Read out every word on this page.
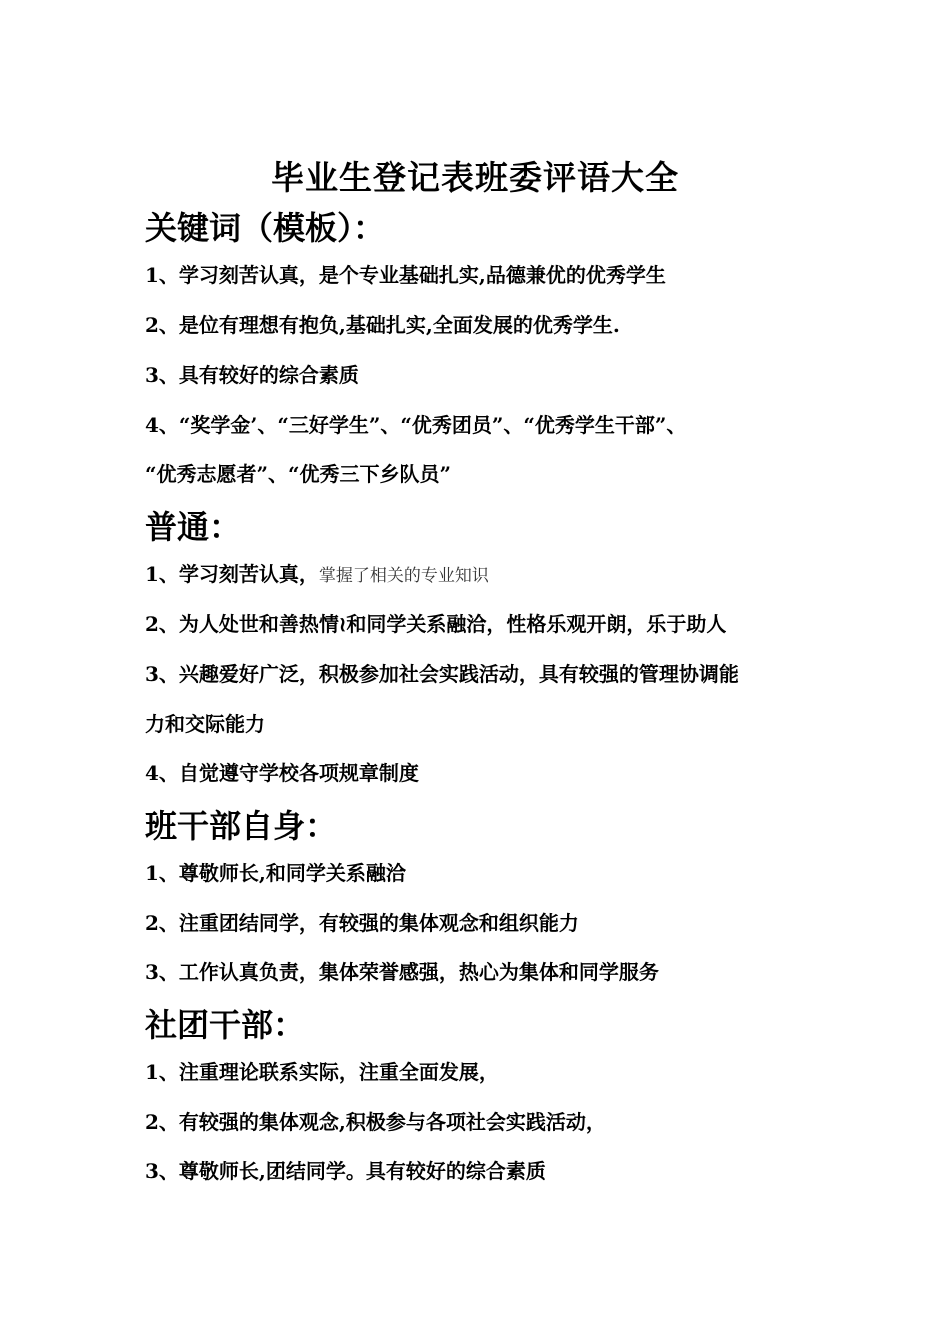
毕业生登记表班委评语大全
关键词（模板）：
1、学习刻苦认真，是个专业基础扎实,品德兼优的优秀学生
2、是位有理想有抱负,基础扎实,全面发展的优秀学生.
3、具有较好的综合素质
4、“奖学金’、“三好学生”、“优秀团员”、“优秀学生干部”、
“优秀志愿者”、“优秀三下乡队员”
普通：
1、学习刻苦认真，掌握了相关的专业知识
2、为人处世和善热情≀和同学关系融洽，性格乐观开朗，乐于助人
3、兴趣爱好广泛，积极参加社会实践活动，具有较强的管理协调能
力和交际能力
4、自觉遵守学校各项规章制度
班干部自身：
1、尊敬师长,和同学关系融洽
2、注重团结同学，有较强的集体观念和组织能力
3、工作认真负责，集体荣誉感强，热心为集体和同学服务
社团干部：
1、注重理论联系实际，注重全面发展，
2、有较强的集体观念,积极参与各项社会实践活动，
3、尊敬师长,团结同学。具有较好的综合素质
